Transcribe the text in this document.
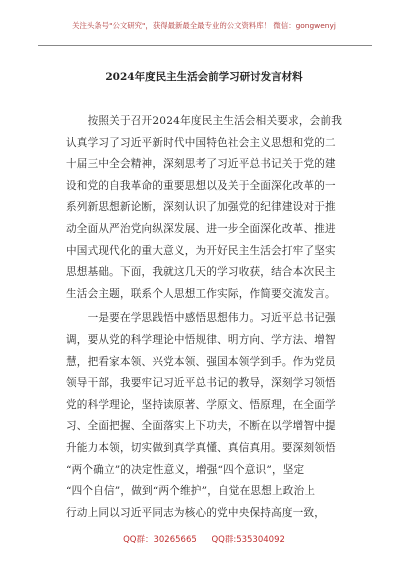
关注头条号"公文研究"，获得最新最全最专业的公文资料库！ 微信：gongwenyj
2024年度民主生活会前学习研讨发言材料

　　按照关于召开2024年度民主生活会相关要求，会前我
认真学习了习近平新时代中国特色社会主义思想和党的二
十届三中全会精神，深刻思考了习近平总书记关于党的建
设和党的自我革命的重要思想以及关于全面深化改革的一
系列新思想新论断，深刻认识了加强党的纪律建设对于推
动全面从严治党向纵深发展、进一步全面深化改革、推进
中国式现代化的重大意义，为开好民主生活会打牢了坚实
思想基础。下面，我就这几天的学习收获，结合本次民主
生活会主题，联系个人思想工作实际，作简要交流发言。

　　一是要在学思践悟中感悟思想伟力。习近平总书记强
调，要从党的科学理论中悟规律、明方向、学方法、增智
慧，把看家本领、兴党本领、强国本领学到手。作为党员
领导干部，我要牢记习近平总书记的教导，深刻学习领悟
党的科学理论，坚持读原著、学原文、悟原理，在全面学
习、全面把握、全面落实上下功夫，不断在以学增智中提
升能力本领，切实做到真学真懂、真信真用。要深刻领悟
“两个确立”的决定性意义，增强“四个意识”，坚定
“四个自信”，做到“两个维护”，自觉在思想上政治上
行动上同以习近平同志为核心的党中央保持高度一致，

QQ群：30265665 QQ群:535304092
